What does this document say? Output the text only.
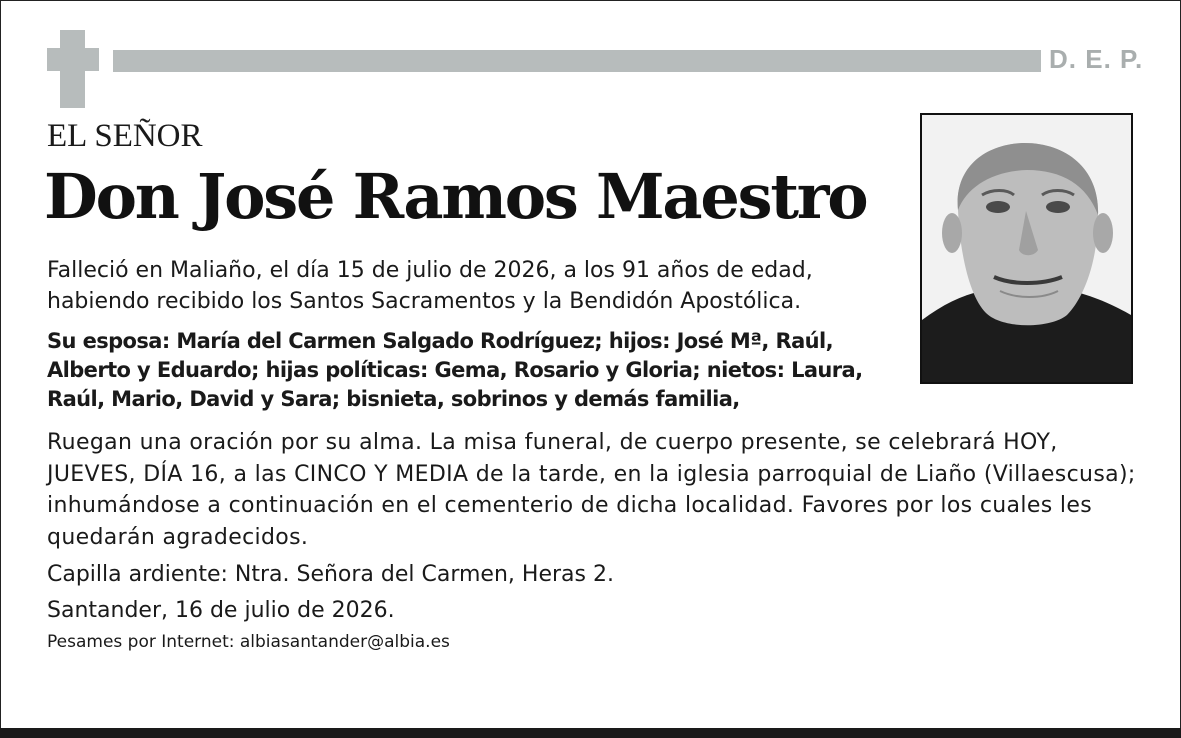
D. E. P.
EL SEÑOR
Don José Ramos Maestro

Falleció en Maliaño, el día 15 de julio de 2026, a los 91 años de edad, habiendo recibido los Santos Sacramentos y la Bendidón Apostólica.

Su esposa: María del Carmen Salgado Rodríguez; hijos: José Mª, Raúl, Alberto y Eduardo; hijas políticas: Gema, Rosario y Gloria; nietos: Laura, Raúl, Mario, David y Sara; bisnieta, sobrinos y demás familia,

Ruegan una oración por su alma. La misa funeral, de cuerpo presente, se celebrará HOY, JUEVES, DÍA 16, a las CINCO Y MEDIA de la tarde, en la iglesia parroquial de Liaño (Villaescusa); inhumándose a continuación en el cementerio de dicha localidad. Favores por los cuales les quedarán agradecidos.

Capilla ardiente: Ntra. Señora del Carmen, Heras 2.
Santander, 16 de julio de 2026.
Pesames por Internet: albiasantander@albia.es
